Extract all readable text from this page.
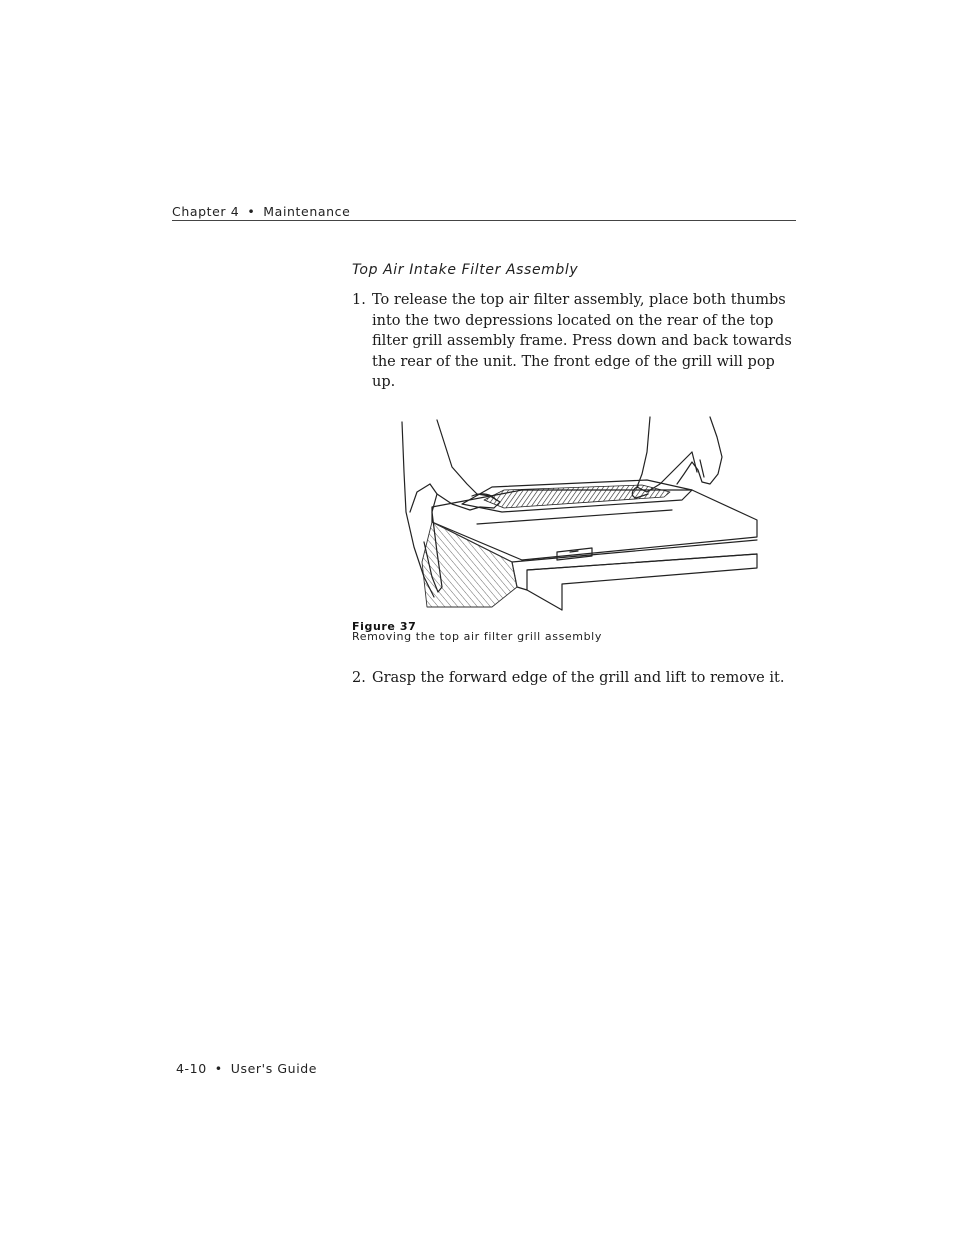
Chapter 4 • Maintenance
Top Air Intake Filter Assembly
1. To release the top air filter assembly, place both thumbs into the two depressions located on the rear of the top filter grill assembly frame. Press down and back towards the rear of the unit. The front edge of the grill will pop up.
Figure 37
Removing the top air filter grill assembly
2. Grasp the forward edge of the grill and lift to remove it.
4-10 • User's Guide
